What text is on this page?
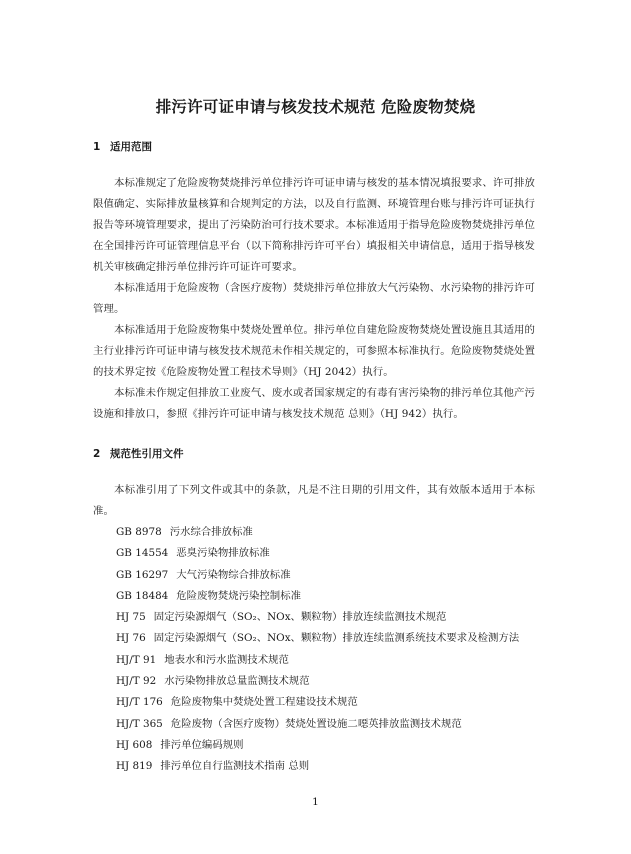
排污许可证申请与核发技术规范 危险废物焚烧
1 适用范围

本标准规定了危险废物焚烧排污单位排污许可证申请与核发的基本情况填报要求、许可排放限值确定、实际排放量核算和合规判定的方法，以及自行监测、环境管理台账与排污许可证执行报告等环境管理要求，提出了污染防治可行技术要求。本标准适用于指导危险废物焚烧排污单位在全国排污许可证管理信息平台（以下简称排污许可平台）填报相关申请信息，适用于指导核发机关审核确定排污单位排污许可证许可要求。

本标准适用于危险废物（含医疗废物）焚烧排污单位排放大气污染物、水污染物的排污许可管理。

本标准适用于危险废物集中焚烧处置单位。排污单位自建危险废物焚烧处置设施且其适用的主行业排污许可证申请与核发技术规范未作相关规定的，可参照本标准执行。危险废物焚烧处置的技术界定按《危险废物处置工程技术导则》（HJ 2042）执行。

本标准未作规定但排放工业废气、废水或者国家规定的有毒有害污染物的排污单位其他产污设施和排放口，参照《排污许可证申请与核发技术规范 总则》（HJ 942）执行。

2 规范性引用文件

本标准引用了下列文件或其中的条款，凡是不注日期的引用文件，其有效版本适用于本标准。

GB 8978 污水综合排放标准
GB 14554 恶臭污染物排放标准
GB 16297 大气污染物综合排放标准
GB 18484 危险废物焚烧污染控制标准
HJ 75 固定污染源烟气（SO₂、NOx、颗粒物）排放连续监测技术规范
HJ 76 固定污染源烟气（SO₂、NOx、颗粒物）排放连续监测系统技术要求及检测方法
HJ/T 91 地表水和污水监测技术规范
HJ/T 92 水污染物排放总量监测技术规范
HJ/T 176 危险废物集中焚烧处置工程建设技术规范
HJ/T 365 危险废物（含医疗废物）焚烧处置设施二噁英排放监测技术规范
HJ 608 排污单位编码规则
HJ 819 排污单位自行监测技术指南 总则
1
